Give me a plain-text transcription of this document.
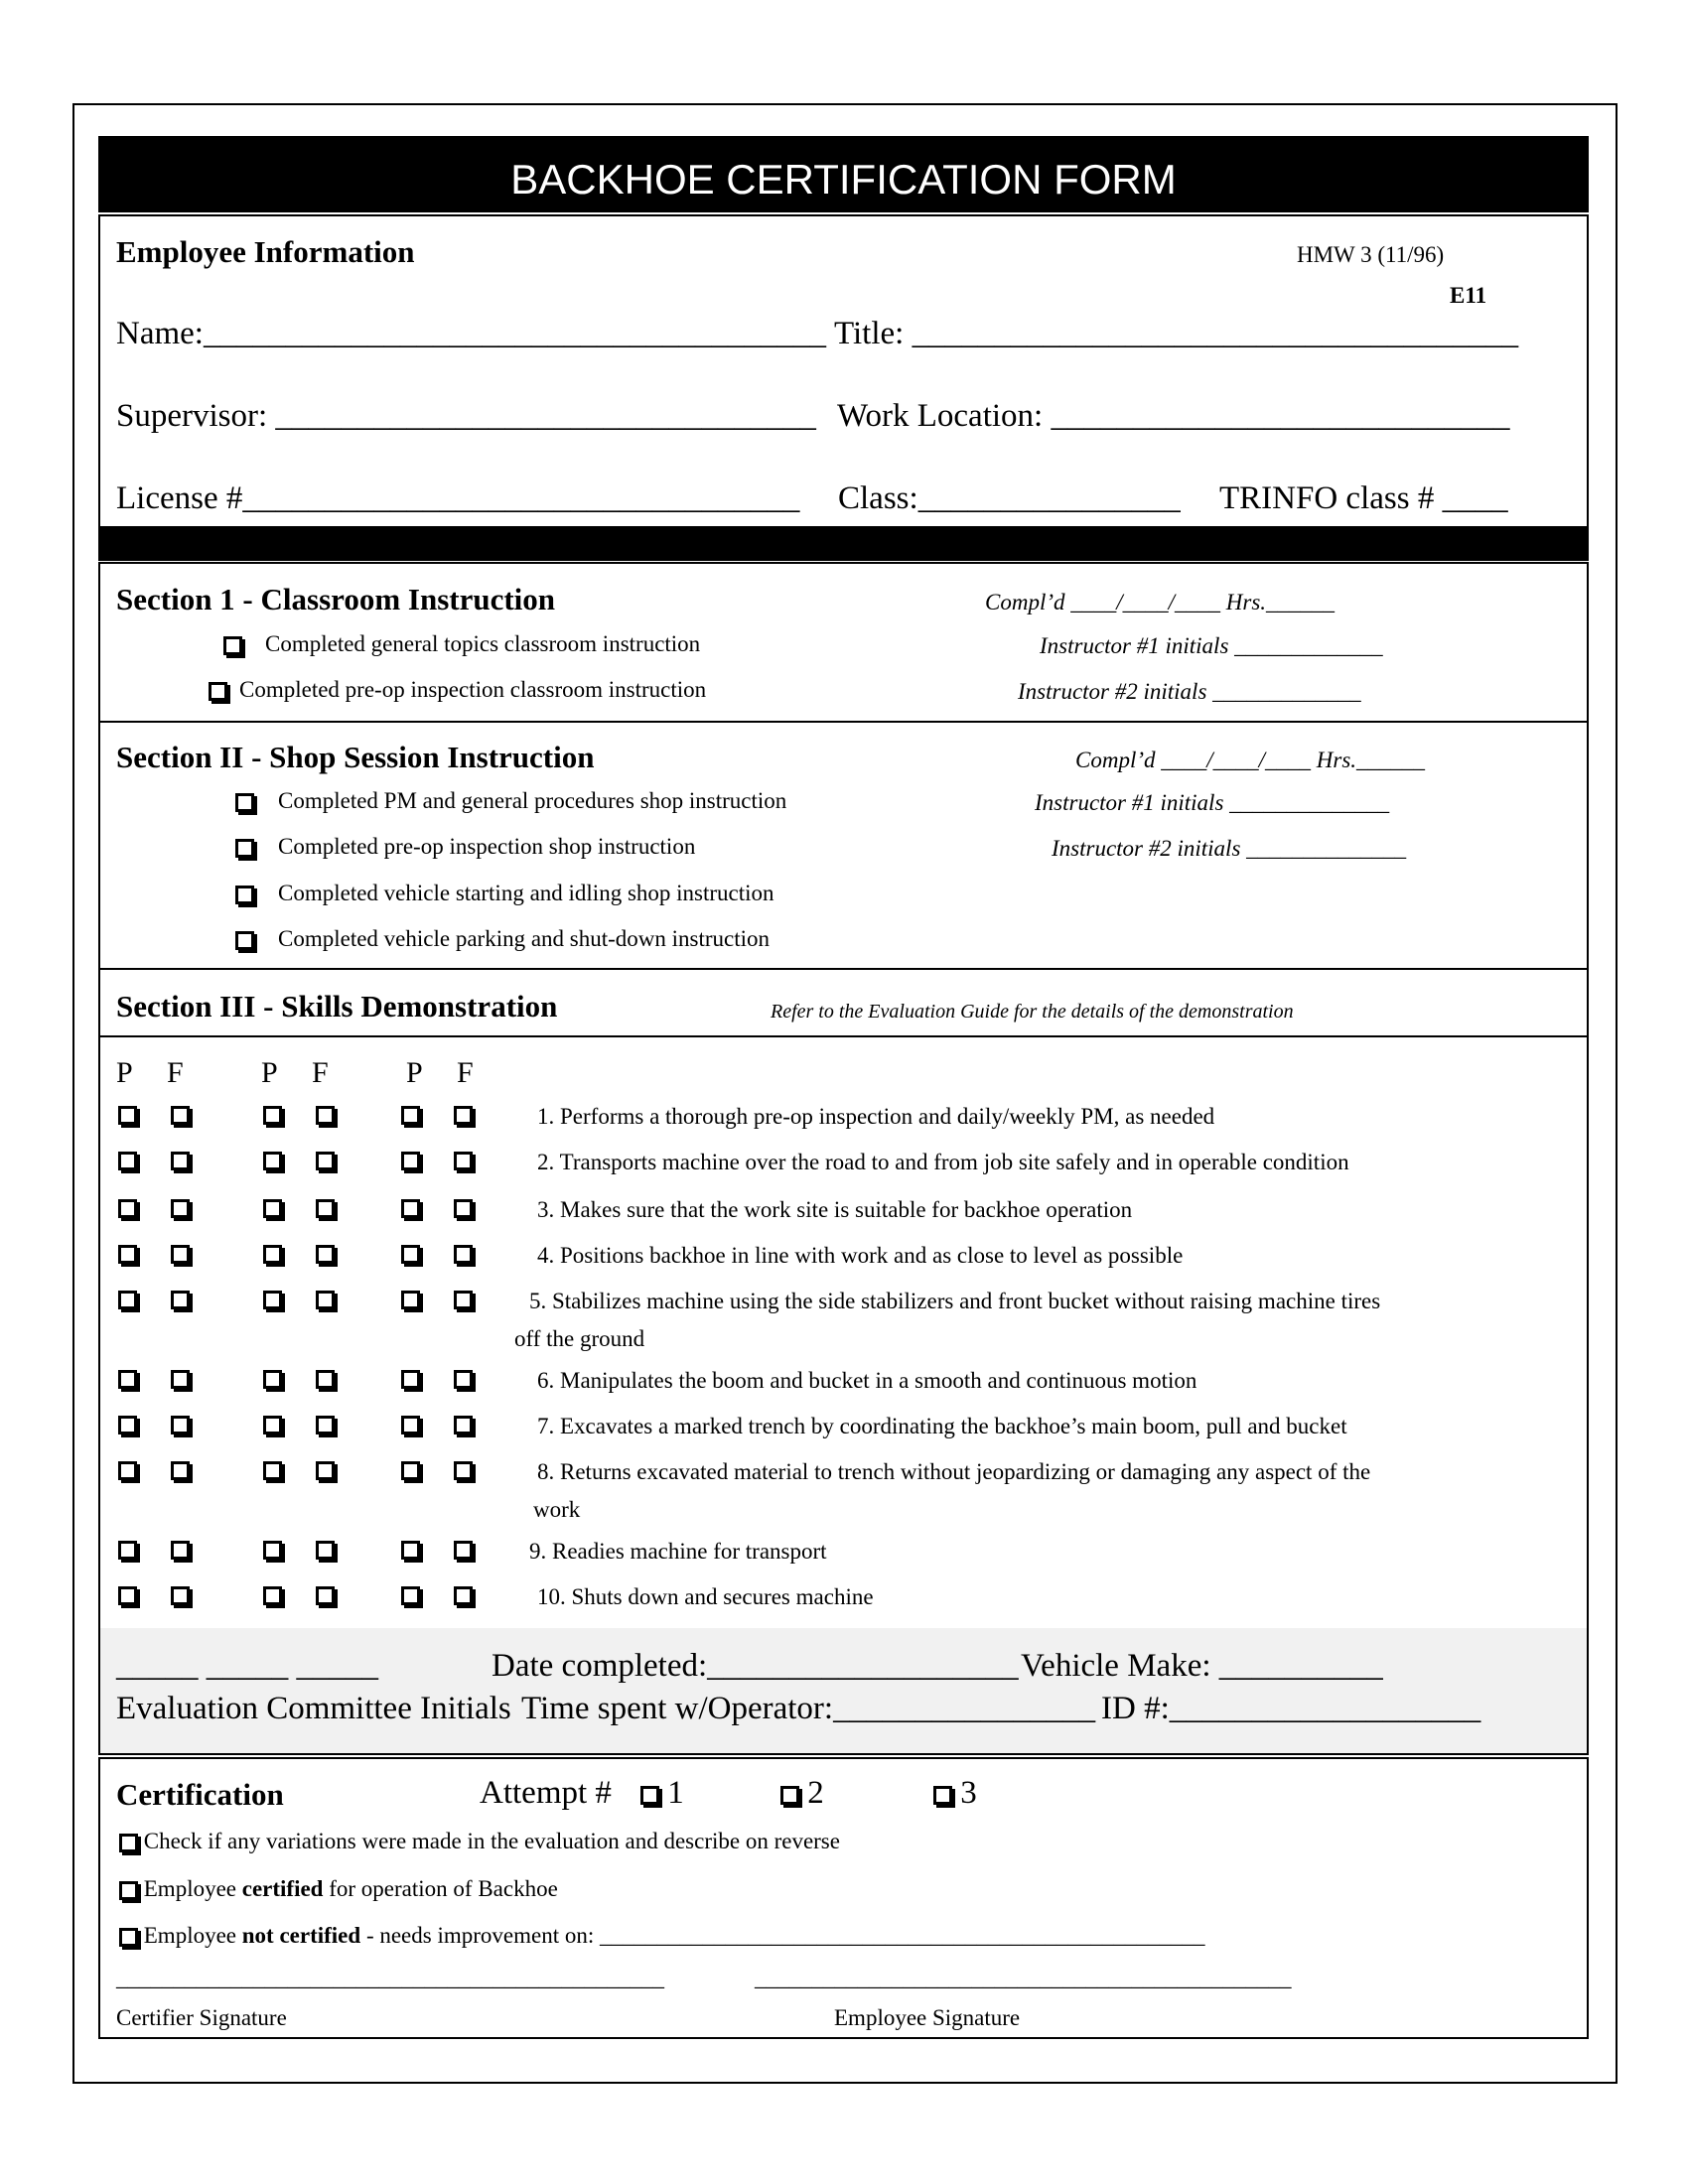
BACKHOE CERTIFICATION FORM
Employee Information	HMW 3 (11/96)
E11
Name:______________________________________ Title: _____________________________________
Supervisor: _________________________________ Work Location: ____________________________
License #__________________________________ Class:________________ TRINFO class # ____
Section 1 - Classroom Instruction	Compl’d ____/____/____ Hrs.______
Completed general topics classroom instruction	Instructor #1 initials _____________
Completed pre-op inspection classroom instruction	Instructor #2 initials _____________
Section II - Shop Session Instruction	Compl’d ____/____/____ Hrs.______
Completed PM and general procedures shop instruction	Instructor #1 initials ______________
Completed pre-op inspection shop instruction	Instructor #2 initials ______________
Completed vehicle starting and idling shop instruction
Completed vehicle parking and shut-down instruction
Section III - Skills Demonstration	Refer to the Evaluation Guide for the details of the demonstration
P F	P F	P F
1. Performs a thorough pre-op inspection and daily/weekly PM, as needed
2. Transports machine over the road to and from job site safely and in operable condition
3. Makes sure that the work site is suitable for backhoe operation
4. Positions backhoe in line with work and as close to level as possible
5. Stabilizes machine using the side stabilizers and front bucket without raising machine tires
off the ground
6. Manipulates the boom and bucket in a smooth and continuous motion
7. Excavates a marked trench by coordinating the backhoe’s main boom, pull and bucket
8. Returns excavated material to trench without jeopardizing or damaging any aspect of the
work
9. Readies machine for transport
10. Shuts down and secures machine
_____ _____ _____
Evaluation Committee Initials
Date completed:___________________ Vehicle Make: __________
Time spent w/Operator:________________ ID #:___________________
Certification	Attempt #	1	2	3
Check if any variations were made in the evaluation and describe on reverse
Employee certified for operation of Backhoe
Employee not certified - needs improvement on: _____________________________________________________
________________________________________________	_______________________________________________
Certifier Signature	Employee Signature
